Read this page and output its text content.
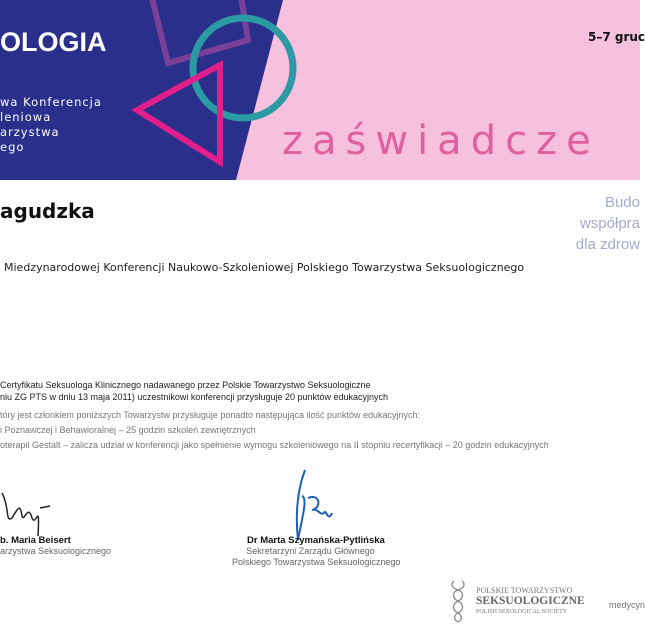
OLOGIA
wa Konferencja
leniowa
arzystwa
ego	zaświadcze
5–7 gruc
Budo
współpra
dla zdrow
agudzka
Miedzynarodowej Konferencji Naukowo-Szkoleniowej Polskiego Towarzystwa Seksuologicznego
Certyfikatu Seksuologa Klinicznego nadawanego przez Polskie Towarzystwo Seksuologiczne
niu ZG PTS w dniu 13 maja 2011) uczestnikowi konferencji przysługuje 20 punktów edukacyjnych
tóry jest członkiem poniższych Towarzystw przysługuje ponadto następująca ilość punktów edukacyjnych:
i Poznawczej i Behawioralnej – 25 godzin szkoleń zewnętrznych
oterapii Gestalt – zalicza udział w konferencji jako spełnienie wymogu szkoleniowego na II stopniu recertyfikacji – 20 godzin edukacyjnych
b. Maria Beisert
arzystwa Seksuologicznego
Dr Marta Szymańska-Pytlińska
Sekretarzyni Zarządu Głównego
Polskiego Towarzystwa Seksuologicznego
POLSKIE TOWARZYSTWO
SEKSUOLOGICZNE
POLISH SEXOLOGICAL SOCIETY
medycyn
